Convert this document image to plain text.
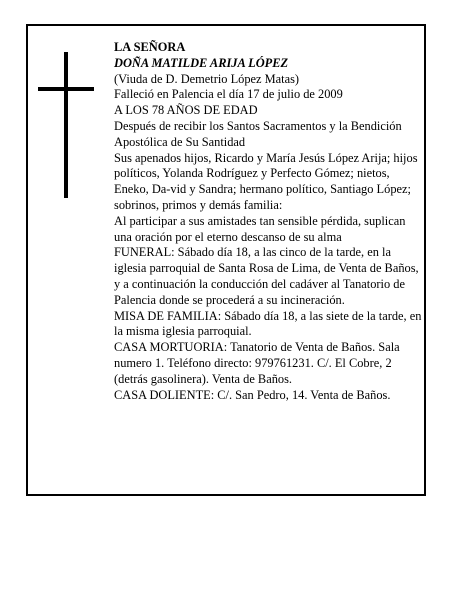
LA SEÑORA

DOÑA MATILDE ARIJA LÓPEZ

(Viuda de D. Demetrio López Matas)

Falleció en Palencia el día 17 de julio de 2009

A LOS 78 AÑOS DE EDAD

Después de recibir los Santos Sacramentos y la Bendición Apostólica de Su Santidad

Sus apenados hijos, Ricardo y María Jesús López Arija; hijos políticos, Yolanda Rodríguez y Perfecto Gómez; nietos, Eneko, Da-vid y Sandra; hermano político, Santiago López; sobrinos, primos y demás familia:

Al participar a sus amistades tan sensible pérdida, suplican una oración por el eterno descanso de su alma

FUNERAL: Sábado día 18, a las cinco de la tarde, en la iglesia parroquial de Santa Rosa de Lima, de Venta de Baños, y a continuación la conducción del cadáver al Tanatorio de Palencia donde se procederá a su incineración.

MISA DE FAMILIA: Sábado día 18, a las siete de la tarde, en la misma iglesia parroquial.

CASA MORTUORIA: Tanatorio de Venta de Baños. Sala numero 1. Teléfono directo: 979761231. C/. El Cobre, 2 (detrás gasolinera). Venta de Baños.

CASA DOLIENTE: C/. San Pedro, 14. Venta de Baños.
